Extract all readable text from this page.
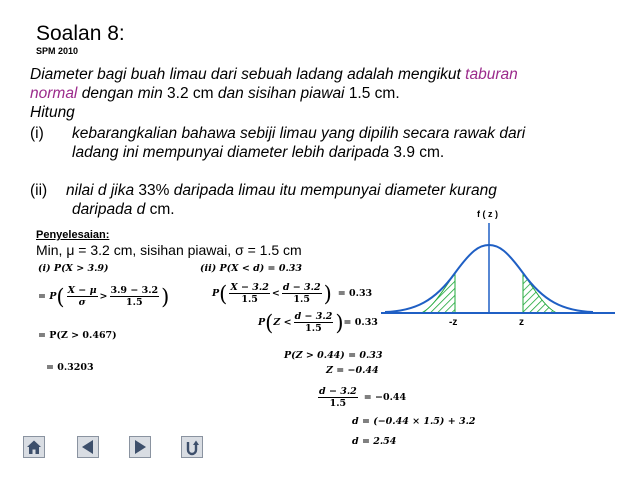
Soalan 8:
SPM 2010
Diameter bagi buah limau dari sebuah ladang adalah mengikut taburan
normal dengan min 3.2 cm dan sisihan piawai 1.5 cm.
Hitung
(i) kebarangkalian bahawa sebiji limau yang dipilih secara rawak dari
ladang ini mempunyai diameter lebih daripada 3.9 cm.
(ii) nilai d jika 33% daripada limau itu mempunyai diameter kurang
daripada d cm.
Penyelesaian:
Min, μ = 3.2 cm, sisihan piawai, σ = 1.5 cm
(i) P(X > 3.9)
= P ( $\frac{X - \mu}{\sigma} > \frac{3.9 - 3.2}{1.5}$ )
= P(Z > 0.467)
= 0.3203
(ii) P(X < d) = 0.33
P ( $\frac{X - 3.2}{1.5} < \frac{d - 3.2}{1.5}$ ) = 0.33
P ( $Z < \frac{d - 3.2}{1.5}$ ) = 0.33
P(Z > 0.44) = 0.33
Z = −0.44
$\frac{d - 3.2}{1.5} = -0.44$
d = (−0.44 × 1.5) + 3.2
d = 2.54
f ( z )
-z	z
